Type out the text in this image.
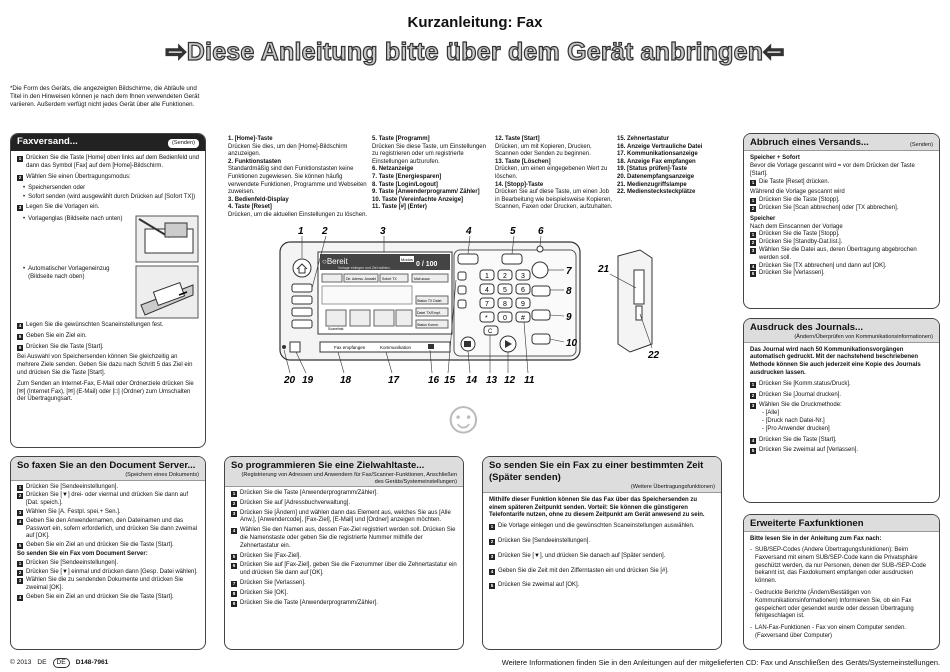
Kurzanleitung: Fax
⇨Diese Anleitung bitte über dem Gerät anbringen⇦
*Die Form des Geräts, die angezeigten Bildschirme, die Abläufe und Titel in den Hinweisen können je nach dem Ihnen verwendeten Gerät variieren. Außerdem verfügt nicht jedes Gerät über alle Funktionen.
Faxversand...	(Senden)
1 Drücken Sie die Taste [Home] oben links auf dem Bedienfeld und dann das Symbol [Fax] auf dem [Home]-Bildschirm.
2 Wählen Sie einen Übertragungsmodus:
• Speichersenden oder
• Sofort senden (wird ausgewählt durch Drücken auf [Sofort TX])
3 Legen Sie die Vorlagen ein.
• Vorlagenglas (Bildseite nach unten)
• Automatischer Vorlageneinzug (Bildseite nach oben)
4 Legen Sie die gewünschten Scaneinstellungen fest.
5 Geben Sie ein Ziel ein.
6 Drücken Sie die Taste [Start].
Bei Auswahl von Speichersenden können Sie gleichzeitig an mehrere Ziele senden. Geben Sie dazu nach Schritt 5 das Ziel ein und drücken Sie die Taste [Start].
Zum Senden an Internet-Fax, E-Mail oder Ordnerziele drücken Sie [✉] (Internet Fax), [✉] (E-Mail) oder [□] (Ordner) zum Umschalten der Übertragungsart.
1. [Home]-Taste
Drücken Sie dies, um den [Home]-Bildschirm anzuzeigen.
2. Funktionstasten
Standardmäßig sind den Funktionstasten keine Funktionen zugewiesen. Sie können häufig verwendete Funktionen, Programme und Webseiten zuweisen.
3. Bedienfeld-Display
4. Taste [Reset]
Drücken, um die aktuellen Einstellungen zu löschen.
5. Taste [Programm]
Drücken Sie diese Taste, um Einstellungen zu registrieren oder um registrierte Einstellungen aufzurufen.
6. Netzanzeige
7. Taste [Energiesparen]
8. Taste [Login/Logout]
9. Taste [Anwenderprogramm/ Zähler]
10. Taste [Vereinfachte Anzeige]
11. Taste [#] (Enter)
12. Taste [Start]
Drücken, um mit Kopieren, Drucken, Scannen oder Senden zu beginnen.
13. Taste [Löschen]
Drücken, um einen eingegebenen Wert zu löschen.
14. [Stopp]-Taste
Drücken Sie auf diese Taste, um einen Job in Bearbeitung wie beispielsweise Kopieren, Scannen, Faxen oder Drucken, aufzuhalten.
15. Zehnertastatur
16. Anzeige Vertrauliche Datei
17. Kommunikationsanzeige
18. Anzeige Fax empfangen
19. [Status prüfen]-Taste
20. Datenempfangsanzeige
21. Medienzugriffslampe
22. Medienstecksteckplätze
○Bereit
Vorlage einlegen und Ziel wählen.
Modus
0 / 100
Dir. Adress. Anwahl Sofort TX	Mail ausw.
Status TX Datei
Datei TX/Empf.
Status Komm.
Scaneinst.
Fax empfangen	Kommunikation
1 2 3
4 5 6
7 8 9
* 0 #
C
1 2	3	4	5 6
7
8
9
10
20 19	18	17	16 15 14 13 12 11
21
22
☺
Abbruch eines Versands...	(Senden)
Speicher + Sofort
Bevor die Vorlage gescannt wird = vor dem Drücken der Taste [Start].
1 Die Taste [Reset] drücken.
Während die Vorlage gescannt wird
1 Drücken Sie die Taste [Stopp].
2 Drücken Sie [Scan abbrechen] oder [TX abbrechen].
Speicher
Nach dem Einscannen der Vorlage
1 Drücken Sie die Taste [Stopp].
2 Drücken Sie [Standby-Dat.list.].
3 Wählen Sie die Datei aus, deren Übertragung abgebrochen werden soll.
4 Drücken Sie [TX abbrechen] und dann auf [OK].
5 Drücken Sie [Verlassen].
Ausdruck des Journals...
(Ändern/Überprüfen von Kommunikationsinformationen)
Das Journal wird nach 50 Kommunikationsvorgängen automatisch gedruckt. Mit der nachstehend beschriebenen Methode können Sie auch jederzeit eine Kopie des Journals ausdrucken lassen.
1 Drücken Sie [Komm.status/Druck].
2 Drücken Sie [Journal drucken].
3 Wählen Sie die Druckmethode:
- [Alle]
- [Druck nach Datei-Nr.]
- [Pro Anwender drucken]
4 Drücken Sie die Taste [Start].
5 Drücken Sie zweimal auf [Verlassen].
So faxen Sie an den Document Server...
(Speichern eines Dokuments)
1 Drücken Sie [Sendeeinstellungen].
2 Drücken Sie [▼] drei- oder viermal und drücken Sie dann auf [Dat. speich.].
3 Wählen Sie [A. Festpl. spei.+ Sen.].
4 Geben Sie den Anwendernamen, den Dateinamen und das Passwort ein, sofern erforderlich, und drücken Sie dann zweimal auf [OK].
5 Geben Sie ein Ziel an und drücken Sie die Taste [Start].
So senden Sie ein Fax vom Document Server:
1 Drücken Sie [Sendeeinstellungen].
2 Drücken Sie [▼] einmal und drücken dann [Gesp. Datei wählen].
3 Wählen Sie die zu sendenden Dokumente und drücken Sie zweimal [OK].
4 Geben Sie ein Ziel an und drücken Sie die Taste [Start].
So programmieren Sie eine Zielwahltaste...
(Registrierung von Adressen und Anwendern für Fax/Scanner-Funktionen, Anschließen des Geräts/Systemeinstellungen)
1 Drücken Sie die Taste [Anwenderprogramm/Zähler].
2 Drücken Sie auf [Adressbuchverwaltung].
3 Drücken Sie [Ändern] und wählen dann das Element aus, welches Sie aus [Alle Anw.], [Anwendercode], [Fax-Ziel], [E-Mail] und [Ordner] anzeigen möchten.
4 Wählen Sie den Namen aus, dessen Fax-Ziel registriert werden soll. Drücken Sie die Namenstaste oder geben Sie die registrierte Nummer mithilfe der Zehnertastatur ein.
5 Drücken Sie [Fax-Ziel].
6 Drücken Sie auf [Fax-Ziel], geben Sie die Faxnummer über die Zehnertastatur ein und drücken Sie dann auf [OK].
7 Drücken Sie [Verlassen].
8 Drücken Sie [OK].
9 Drücken Sie die Taste [Anwenderprogramm/Zähler].
So senden Sie ein Fax zu einer bestimmten Zeit (Später senden)
(Weitere Übertragungsfunktionen)
Mithilfe dieser Funktion können Sie das Fax über das Speichersenden zu einem späteren Zeitpunkt senden. Vorteil: Sie können die günstigeren Telefontarife nutzen, ohne zu diesem Zeitpunkt am Gerät anwesend zu sein.
1 Die Vorlage einlegen und die gewünschten Scaneinstellungen auswählen.
2 Drücken Sie [Sendeeinstellungen].
3 Drücken Sie [▼], und drücken Sie danach auf [Später senden].
4 Geben Sie die Zeit mit den Zifferntasten ein und drücken Sie [#].
5 Drücken Sie zweimal auf [OK].
Erweiterte Faxfunktionen
Bitte lesen Sie in der Anleitung zum Fax nach:
- SUB/SEP-Codes (Andere Übertragungsfunktionen): Beim Faxversand mit einem SUB/SEP-Code kann die Privatsphäre geschützt werden, da nur Personen, denen der SUB-/SEP-Code bekannt ist, das Faxdokument empfangen oder ausdrucken können.
- Gedruckte Berichte (Ändern/Bestätigen von Kommunikationsinformationen) Informieren Sie, ob ein Fax gespeichert oder gesendet wurde oder dessen Übertragung fehlgeschlagen ist.
- LAN-Fax-Funktionen - Fax von einem Computer senden. (Faxversand über Computer)
© 2013 DE	DE	D148-7961	Weitere Informationen finden Sie in den Anleitungen auf der mitgelieferten CD: Fax und Anschließen des Geräts/Systemeinstellungen.
